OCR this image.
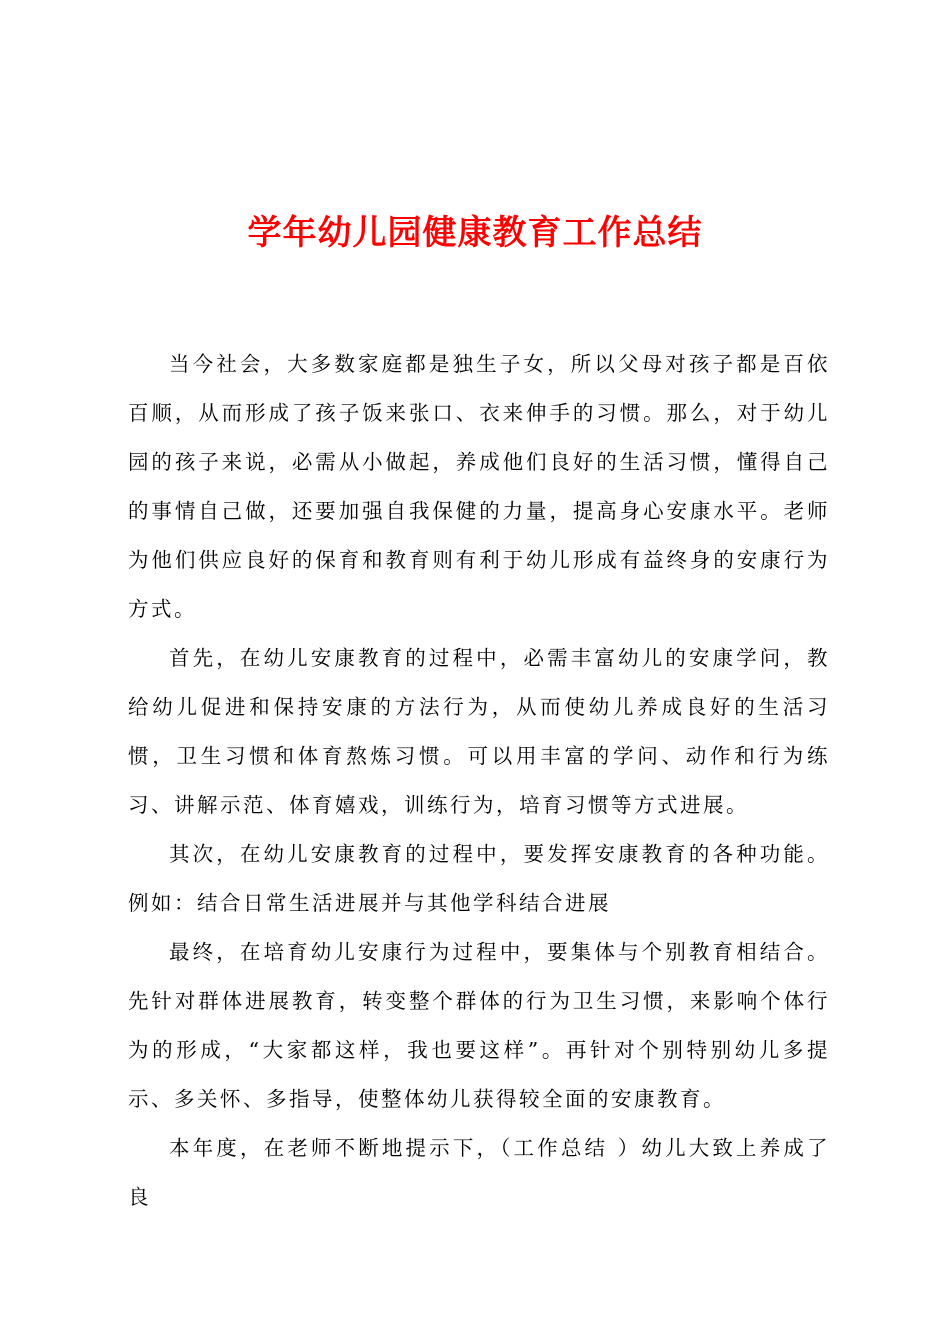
学年幼儿园健康教育工作总结

当今社会，大多数家庭都是独生子女，所以父母对孩子都是百依百顺，从而形成了孩子饭来张口、衣来伸手的习惯。那么，对于幼儿园的孩子来说，必需从小做起，养成他们良好的生活习惯，懂得自己的事情自己做，还要加强自我保健的力量，提高身心安康水平。老师为他们供应良好的保育和教育则有利于幼儿形成有益终身的安康行为方式。

首先，在幼儿安康教育的过程中，必需丰富幼儿的安康学问，教给幼儿促进和保持安康的方法行为，从而使幼儿养成良好的生活习惯，卫生习惯和体育熬炼习惯。可以用丰富的学问、动作和行为练习、讲解示范、体育嬉戏，训练行为，培育习惯等方式进展。

其次，在幼儿安康教育的过程中，要发挥安康教育的各种功能。例如：结合日常生活进展并与其他学科结合进展

最终，在培育幼儿安康行为过程中，要集体与个别教育相结合。先针对群体进展教育，转变整个群体的行为卫生习惯，来影响个体行为的形成，“大家都这样，我也要这样”。再针对个别特别幼儿多提示、多关怀、多指导，使整体幼儿获得较全面的安康教育。

本年度，在老师不断地提示下，（工作总结 ）幼儿大致上养成了良
